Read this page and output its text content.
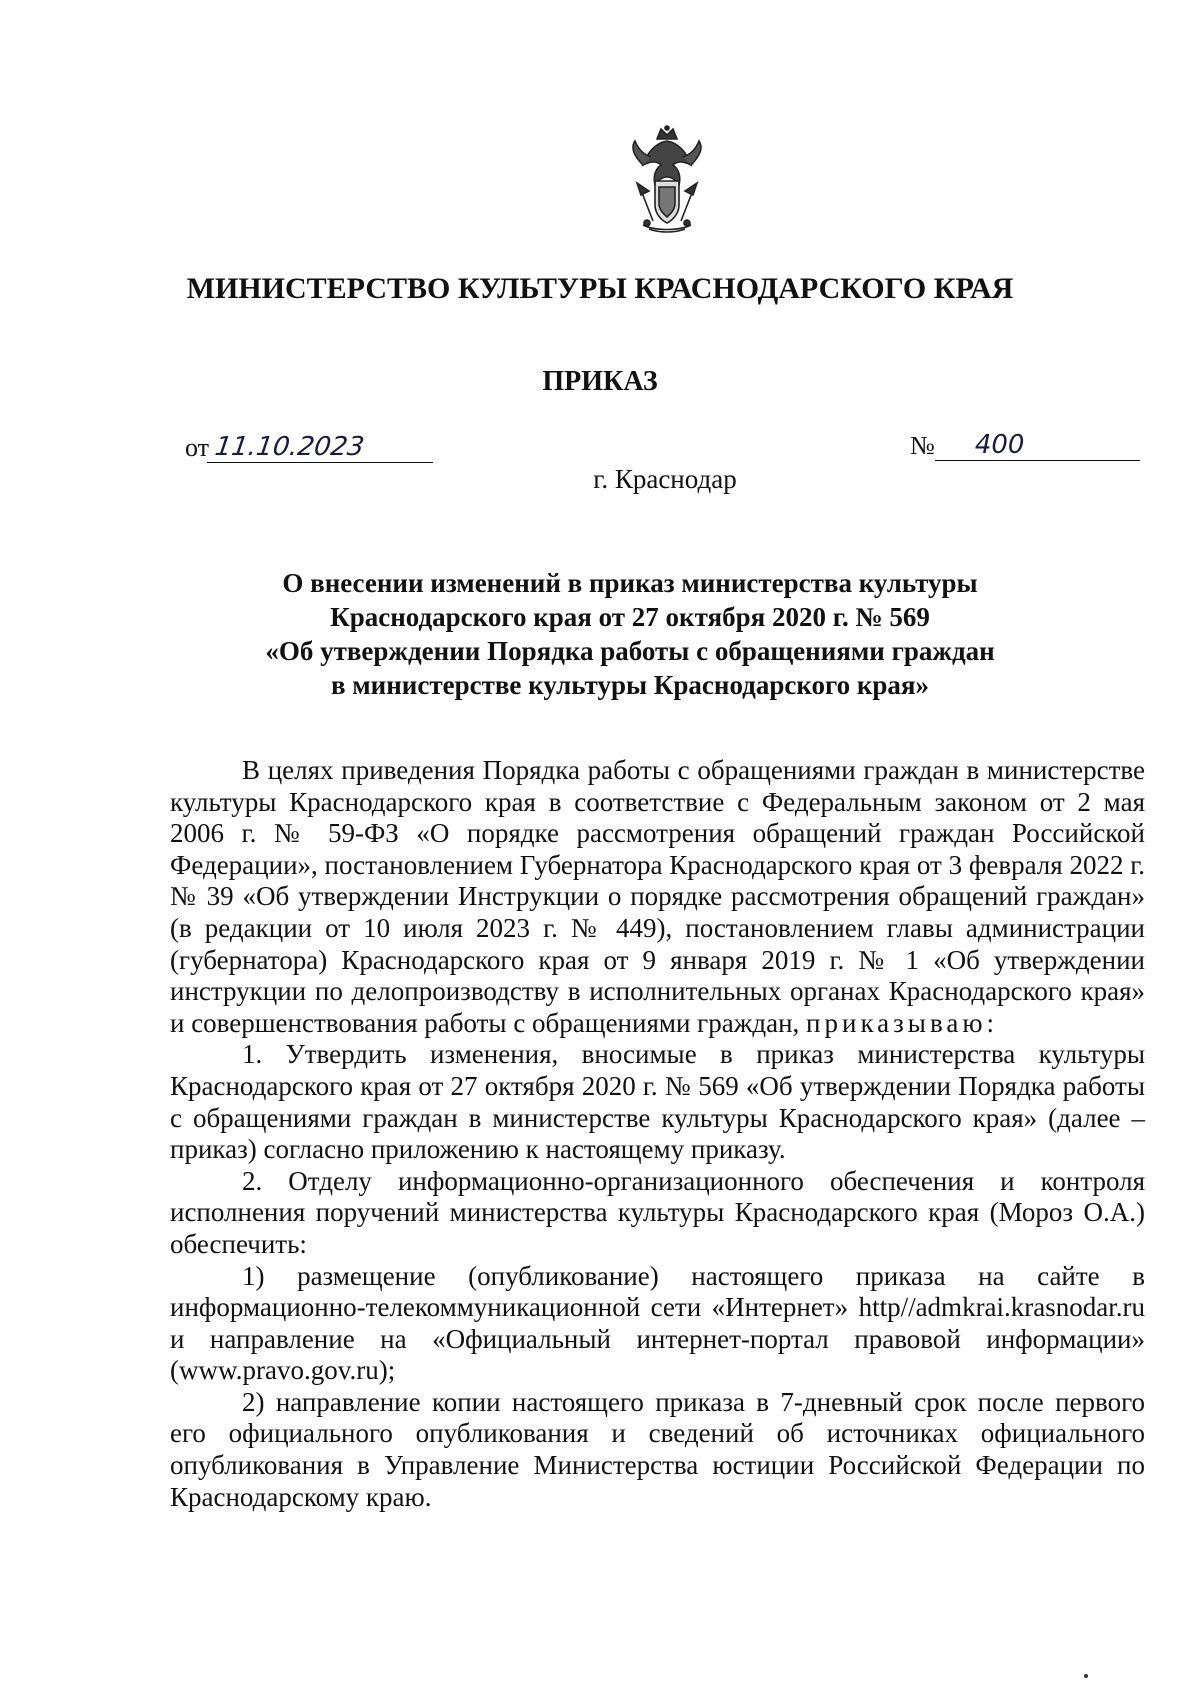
МИНИСТЕРСТВО КУЛЬТУРЫ КРАСНОДАРСКОГО КРАЯ
ПРИКАЗ
от 11.10.2023	№ 400
г. Краснодар
О внесении изменений в приказ министерства культуры
Краснодарского края от 27 октября 2020 г. № 569
«Об утверждении Порядка работы с обращениями граждан
в министерстве культуры Краснодарского края»

В целях приведения Порядка работы с обращениями граждан в министерстве культуры Краснодарского края в соответствие с Федеральным законом от 2 мая 2006 г. № 59-ФЗ «О порядке рассмотрения обращений граждан Российской Федерации», постановлением Губернатора Краснодарского края от 3 февраля 2022 г. № 39 «Об утверждении Инструкции о порядке рассмотрения обращений граждан» (в редакции от 10 июля 2023 г. № 449), постановлением главы администрации (губернатора) Краснодарского края от 9 января 2019 г. № 1 «Об утверждении инструкции по делопроизводству в исполнительных органах Краснодарского края» и совершенствования работы с обращениями граждан, приказываю:

1. Утвердить изменения, вносимые в приказ министерства культуры Краснодарского края от 27 октября 2020 г. № 569 «Об утверждении Порядка работы с обращениями граждан в министерстве культуры Краснодарского края» (далее – приказ) согласно приложению к настоящему приказу.

2. Отделу информационно-организационного обеспечения и контроля исполнения поручений министерства культуры Краснодарского края (Мороз О.А.) обеспечить:

1) размещение (опубликование) настоящего приказа на сайте в информационно-телекоммуникационной сети «Интернет» http//admkrai.krasnodar.ru и направление на «Официальный интернет-портал правовой информации» (www.pravo.gov.ru);

2) направление копии настоящего приказа в 7-дневный срок после первого его официального опубликования и сведений об источниках официального опубликования в Управление Министерства юстиции Российской Федерации по Краснодарскому краю.
